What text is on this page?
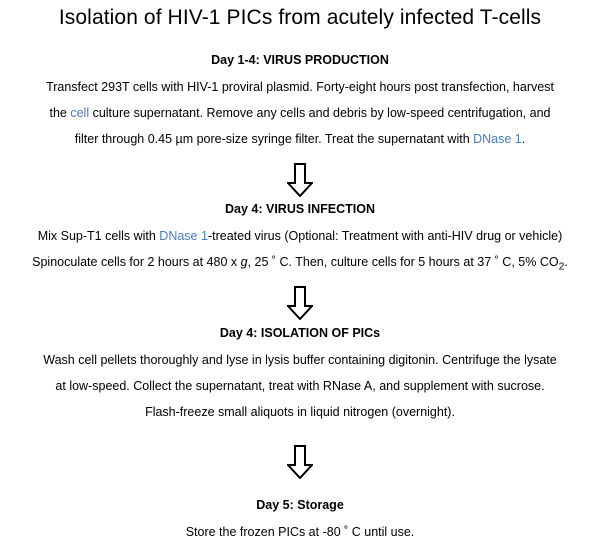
Isolation of HIV-1 PICs from acutely infected T-cells
Day 1-4: VIRUS PRODUCTION
Transfect 293T cells with HIV-1 proviral plasmid. Forty-eight hours post transfection, harvest
the cell culture supernatant. Remove any cells and debris by low-speed centrifugation, and
filter through 0.45 µm pore-size syringe filter. Treat the supernatant with DNase 1.
Day 4: VIRUS INFECTION
Mix Sup-T1 cells with DNase 1-treated virus (Optional: Treatment with anti-HIV drug or vehicle)
Spinoculate cells for 2 hours at 480 x g, 25 ˚ C. Then, culture cells for 5 hours at 37 ˚ C, 5% $CO_2$.
Day 4: ISOLATION OF PICs
Wash cell pellets thoroughly and lyse in lysis buffer containing digitonin. Centrifuge the lysate
at low-speed. Collect the supernatant, treat with RNase A, and supplement with sucrose.
Flash-freeze small aliquots in liquid nitrogen (overnight).
Day 5: Storage
Store the frozen PICs at -80 ˚ C until use.
